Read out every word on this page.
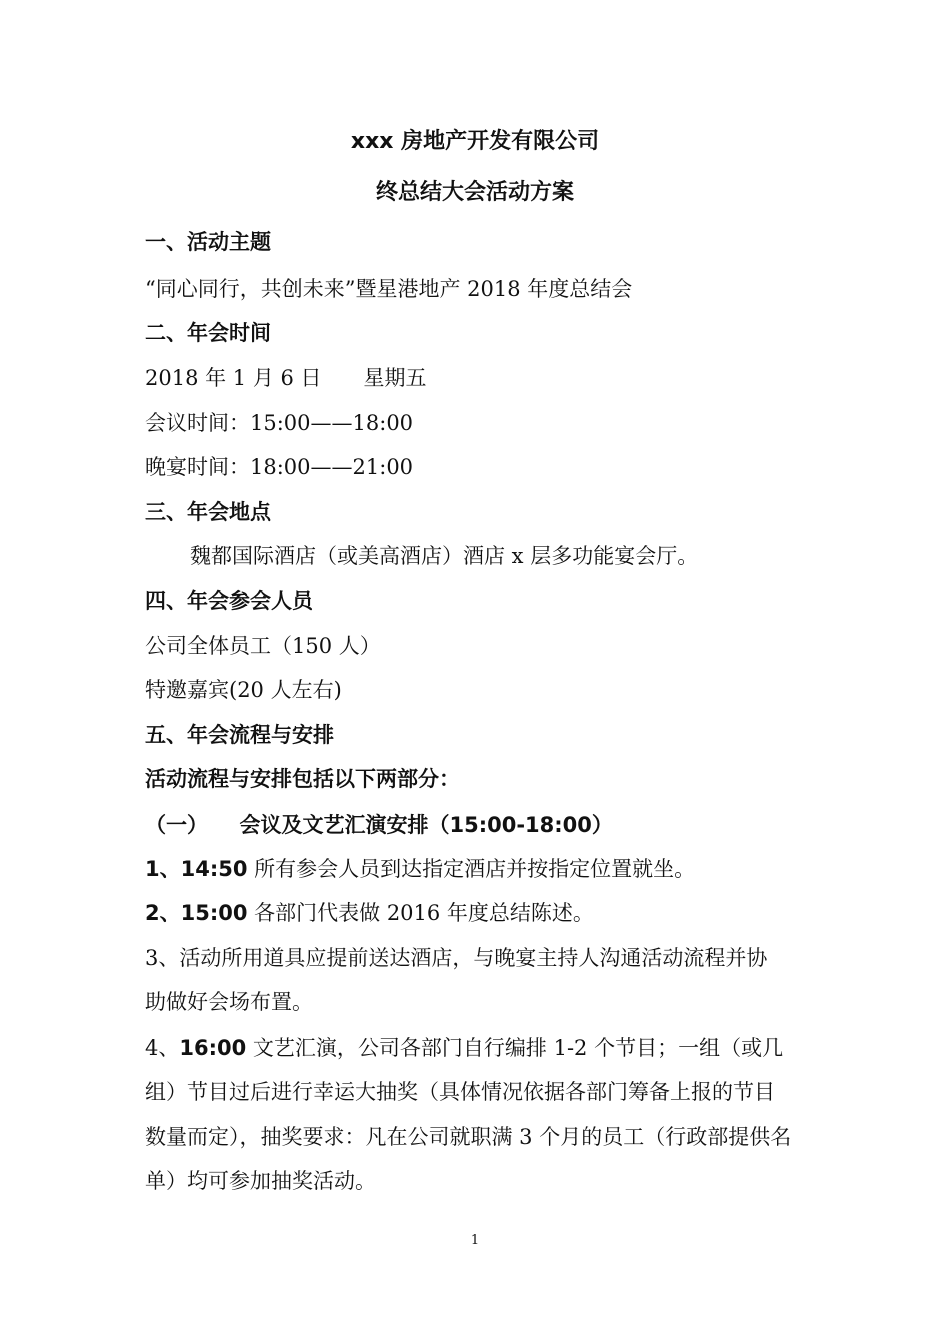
xxx 房地产开发有限公司
终总结大会活动方案
一、活动主题
“同心同行，共创未来”暨星港地产 2018 年度总结会
二、年会时间
2018 年 1 月 6 日　　星期五
会议时间：15:00——18:00
晚宴时间：18:00——21:00
三、年会地点
魏都国际酒店（或美高酒店）酒店 x 层多功能宴会厅。
四、年会参会人员
公司全体员工（150 人）
特邀嘉宾(20 人左右)
五、年会流程与安排
活动流程与安排包括以下两部分：
（一）　　会议及文艺汇演安排（15:00-18:00）
1、14:50 所有参会人员到达指定酒店并按指定位置就坐。
2、15:00 各部门代表做 2016 年度总结陈述。
3、活动所用道具应提前送达酒店，与晚宴主持人沟通活动流程并协
助做好会场布置。
4、16:00 文艺汇演，公司各部门自行编排 1-2 个节目；一组（或几
组）节目过后进行幸运大抽奖（具体情况依据各部门筹备上报的节目
数量而定），抽奖要求：凡在公司就职满 3 个月的员工（行政部提供名
单）均可参加抽奖活动。
1
